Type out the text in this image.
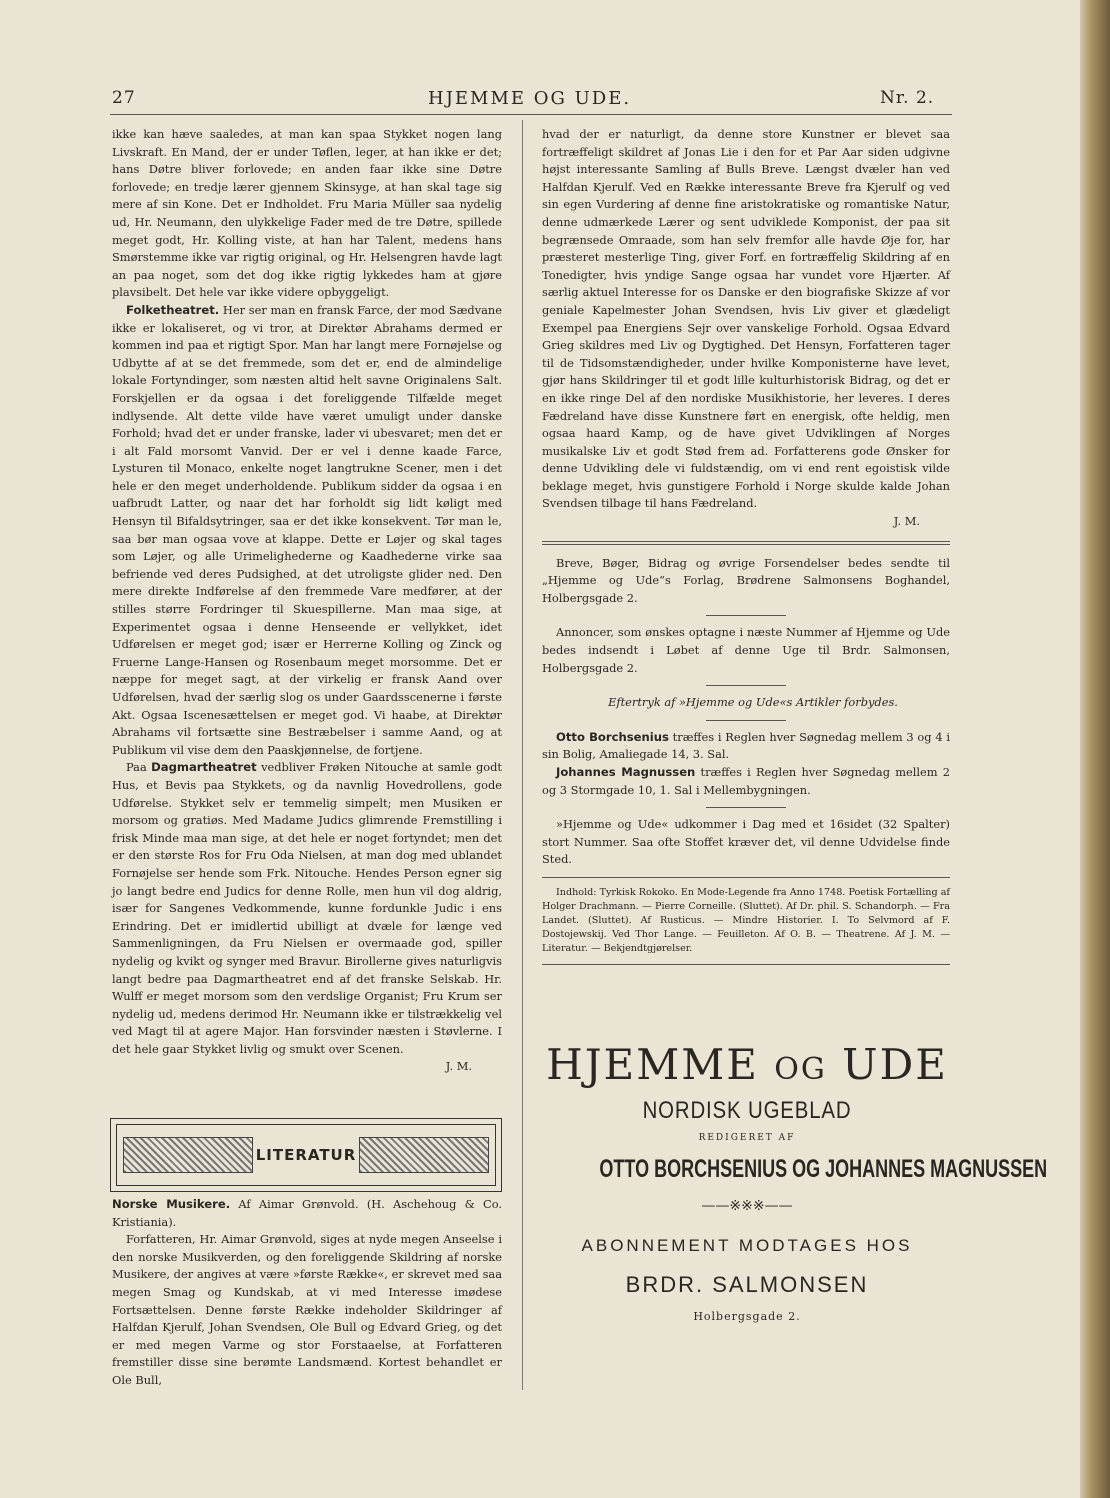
27	HJEMME OG UDE.	Nr. 2.

ikke kan hæve saaledes, at man kan spaa Stykket nogen lang Livskraft. En Mand, der er under Tøflen, leger, at han ikke er det; hans Døtre bliver forlovede; en anden faar ikke sine Døtre forlovede; en tredje lærer gjennem Skinsyge, at han skal tage sig mere af sin Kone. Det er Indholdet. Fru Maria Müller saa nydelig ud, Hr. Neumann, den ulykkelige Fader med de tre Døtre, spillede meget godt, Hr. Kolling viste, at han har Talent, medens hans Smørstemme ikke var rigtig original, og Hr. Helsengren havde lagt an paa noget, som det dog ikke rigtig lykkedes ham at gjøre plavsibelt. Det hele var ikke videre opbyggeligt.

Folketheatret. Her ser man en fransk Farce, der mod Sædvane ikke er lokaliseret, og vi tror, at Direktør Abrahams dermed er kommen ind paa et rigtigt Spor. Man har langt mere Fornøjelse og Udbytte af at se det fremmede, som det er, end de almindelige lokale Fortyndinger, som næsten altid helt savne Originalens Salt. Forskjellen er da ogsaa i det foreliggende Tilfælde meget indlysende. Alt dette vilde have været umuligt under danske Forhold; hvad det er under franske, lader vi ubesvaret; men det er i alt Fald morsomt Vanvid. Der er vel i denne kaade Farce, Lysturen til Monaco, enkelte noget langtrukne Scener, men i det hele er den meget underholdende. Publikum sidder da ogsaa i en uafbrudt Latter, og naar det har forholdt sig lidt køligt med Hensyn til Bifaldsytringer, saa er det ikke konsekvent. Tør man le, saa bør man ogsaa vove at klappe. Dette er Løjer og skal tages som Løjer, og alle Urimelighederne og Kaadhederne virke saa befriende ved deres Pudsighed, at det utroligste glider ned. Den mere direkte Indførelse af den fremmede Vare medfører, at der stilles større Fordringer til Skuespillerne. Man maa sige, at Experimentet ogsaa i denne Henseende er vellykket, idet Udførelsen er meget god; især er Herrerne Kolling og Zinck og Fruerne Lange-Hansen og Rosenbaum meget morsomme. Det er næppe for meget sagt, at der virkelig er fransk Aand over Udførelsen, hvad der særlig slog os under Gaardsscenerne i første Akt. Ogsaa Iscenesættelsen er meget god. Vi haabe, at Direktør Abrahams vil fortsætte sine Bestræbelser i samme Aand, og at Publikum vil vise dem den Paaskjønnelse, de fortjene.

Paa Dagmartheatret vedbliver Frøken Nitouche at samle godt Hus, et Bevis paa Stykkets, og da navnlig Hovedrollens, gode Udførelse. Stykket selv er temmelig simpelt; men Musiken er morsom og gratiøs. Med Madame Judics glimrende Fremstilling i frisk Minde maa man sige, at det hele er noget fortyndet; men det er den største Ros for Fru Oda Nielsen, at man dog med ublandet Fornøjelse ser hende som Frk. Nitouche. Hendes Person egner sig jo langt bedre end Judics for denne Rolle, men hun vil dog aldrig, især for Sangenes Vedkommende, kunne fordunkle Judic i ens Erindring. Det er imidlertid ubilligt at dvæle for længe ved Sammenligningen, da Fru Nielsen er overmaade god, spiller nydelig og kvikt og synger med Bravur. Birollerne gives naturligvis langt bedre paa Dagmartheatret end af det franske Selskab. Hr. Wulff er meget morsom som den verdslige Organist; Fru Krum ser nydelig ud, medens derimod Hr. Neumann ikke er tilstrækkelig vel ved Magt til at agere Major. Han forsvinder næsten i Støvlerne. I det hele gaar Stykket livlig og smukt over Scenen.

J. M.
LITERATUR

Norske Musikere. Af Aimar Grønvold. (H. Aschehoug & Co. Kristiania).

Forfatteren, Hr. Aimar Grønvold, siges at nyde megen Anseelse i den norske Musikverden, og den foreliggende Skildring af norske Musikere, der angives at være »første Række«, er skrevet med saa megen Smag og Kundskab, at vi med Interesse imødese Fortsættelsen. Denne første Række indeholder Skildringer af Halfdan Kjerulf, Johan Svendsen, Ole Bull og Edvard Grieg, og det er med megen Varme og stor Forstaaelse, at Forfatteren fremstiller disse sine berømte Landsmænd. Kortest behandlet er Ole Bull,

hvad der er naturligt, da denne store Kunstner er blevet saa fortræffeligt skildret af Jonas Lie i den for et Par Aar siden udgivne højst interessante Samling af Bulls Breve. Længst dvæler han ved Halfdan Kjerulf. Ved en Række interessante Breve fra Kjerulf og ved sin egen Vurdering af denne fine aristokratiske og romantiske Natur, denne udmærkede Lærer og sent udviklede Komponist, der paa sit begrænsede Omraade, som han selv fremfor alle havde Øje for, har præsteret mesterlige Ting, giver Forf. en fortræffelig Skildring af en Tonedigter, hvis yndige Sange ogsaa har vundet vore Hjærter. Af særlig aktuel Interesse for os Danske er den biografiske Skizze af vor geniale Kapelmester Johan Svendsen, hvis Liv giver et glædeligt Exempel paa Energiens Sejr over vanskelige Forhold. Ogsaa Edvard Grieg skildres med Liv og Dygtighed. Det Hensyn, Forfatteren tager til de Tidsomstændigheder, under hvilke Komponisterne have levet, gjør hans Skildringer til et godt lille kulturhistorisk Bidrag, og det er en ikke ringe Del af den nordiske Musikhistorie, her leveres. I deres Fædreland have disse Kunstnere ført en energisk, ofte heldig, men ogsaa haard Kamp, og de have givet Udviklingen af Norges musikalske Liv et godt Stød frem ad. Forfatterens gode Ønsker for denne Udvikling dele vi fuldstændig, om vi end rent egoistisk vilde beklage meget, hvis gunstigere Forhold i Norge skulde kalde Johan Svendsen tilbage til hans Fædreland.

J. M.

Breve, Bøger, Bidrag og øvrige Forsendelser bedes sendte til „Hjemme og Ude“s Forlag, Brødrene Salmonsens Boghandel, Holbergsgade 2.

Annoncer, som ønskes optagne i næste Nummer af Hjemme og Ude bedes indsendt i Løbet af denne Uge til Brdr. Salmonsen, Holbergsgade 2.

Eftertryk af »Hjemme og Ude«s Artikler forbydes.

Otto Borchsenius træffes i Reglen hver Søgnedag mellem 3 og 4 i sin Bolig, Amaliegade 14, 3. Sal.

Johannes Magnussen træffes i Reglen hver Søgnedag mellem 2 og 3 Stormgade 10, 1. Sal i Mellembygningen.

»Hjemme og Ude« udkommer i Dag med et 16sidet (32 Spalter) stort Nummer. Saa ofte Stoffet kræver det, vil denne Udvidelse finde Sted.

Indhold: Tyrkisk Rokoko. En Mode-Legende fra Anno 1748. Poetisk Fortælling af Holger Drachmann. — Pierre Corneille. (Sluttet). Af Dr. phil. S. Schandorph. — Fra Landet. (Sluttet). Af Rusticus. — Mindre Historier. I. To Selvmord af F. Dostojewskij. Ved Thor Lange. — Feuilleton. Af O. B. — Theatrene. Af J. M. — Literatur. — Bekjendtgjørelser.

HJEMME OG UDE
NORDISK UGEBLAD
REDIGERET AF
OTTO BORCHSENIUS OG JOHANNES MAGNUSSEN
——※※※——
ABONNEMENT MODTAGES HOS
BRDR. SALMONSEN
Holbergsgade 2.
